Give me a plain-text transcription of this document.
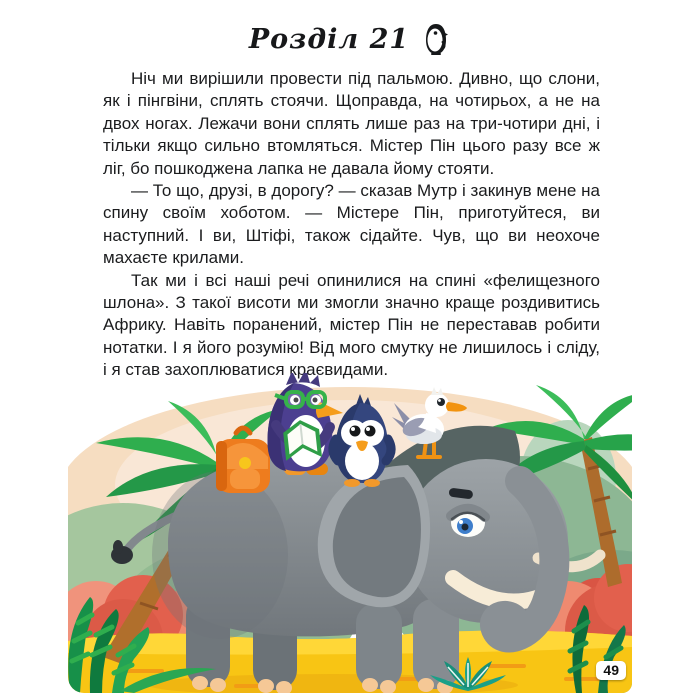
Розділ 21

Ніч ми вирішили провести під пальмою. Дивно, що слони, як і пінгвіни, сплять стоячи. Щоправда, на чотирьох, а не на двох ногах. Лежачи вони сплять лише раз на три-чотири дні, і тільки якщо сильно втомляться. Містер Пін цього разу все ж ліг, бо пошкоджена лапка не давала йому стояти.

— То що, друзі, в дорогу? — сказав Мутр і закинув мене на спину своїм хоботом. — Містере Пін, приготуйтеся, ви наступний. І ви, Штіфі, також сідайте. Чув, що ви неохоче махаєте крилами.

Так ми і всі наші речі опинилися на спині «фелищезного шлона». З такої висоти ми змогли значно краще роздивитись Африку. Навіть поранений, містер Пін не переставав робити нотатки. І я його розумію! Від мого смутку не лишилось і сліду, і я став захоплюватися краєвидами.

49
